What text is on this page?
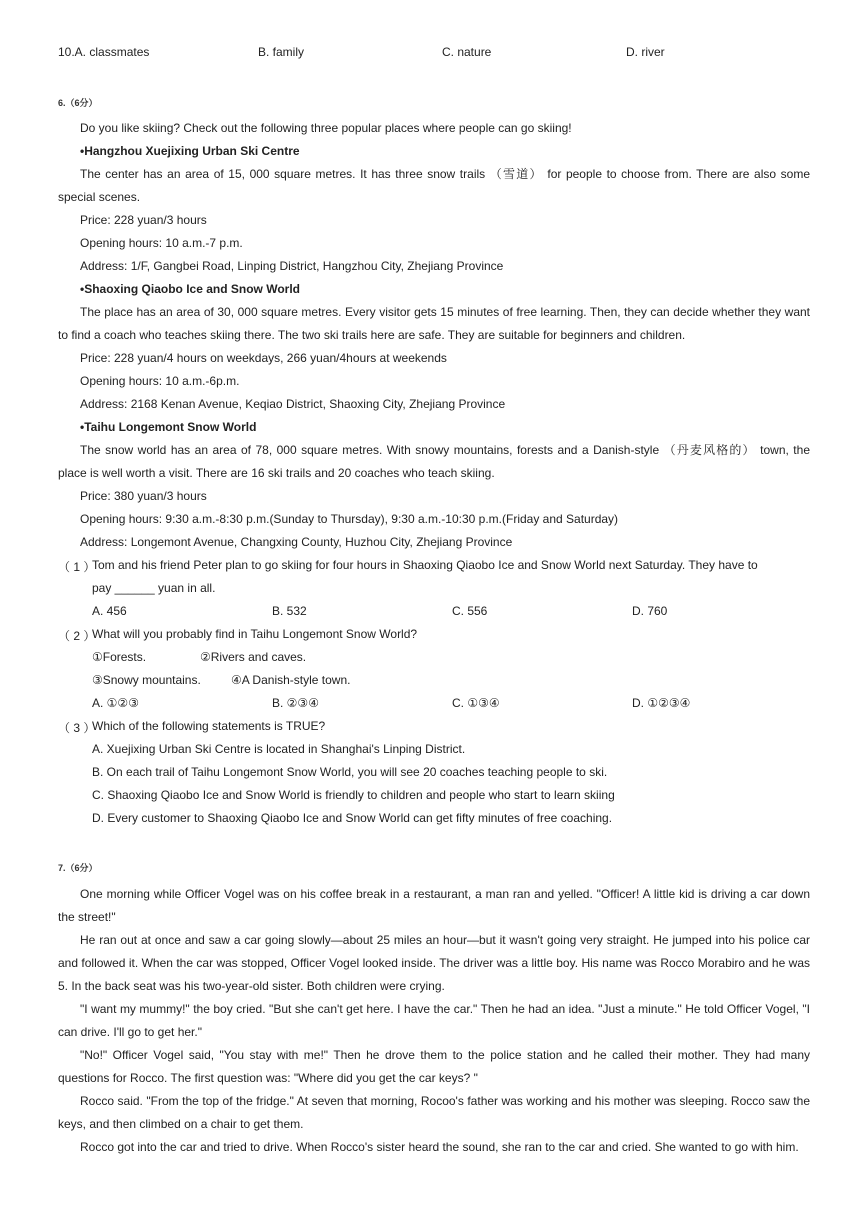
10.A. classmates	B. family	C. nature	D. river
6.（6分）
Do you like skiing? Check out the following three popular places where people can go skiing!
•Hangzhou Xuejixing Urban Ski Centre
The center has an area of 15, 000 square metres. It has three snow trails （雪道） for people to choose from. There are also some special scenes.
Price: 228 yuan/3 hours
Opening hours: 10 a.m.-7 p.m.
Address: 1/F, Gangbei Road, Linping District, Hangzhou City, Zhejiang Province
•Shaoxing Qiaobo Ice and Snow World
The place has an area of 30, 000 square metres. Every visitor gets 15 minutes of free learning. Then, they can decide whether they want to find a coach who teaches skiing there. The two ski trails here are safe. They are suitable for beginners and children.
Price: 228 yuan/4 hours on weekdays, 266 yuan/4hours at weekends
Opening hours: 10 a.m.-6p.m.
Address: 2168 Kenan Avenue, Keqiao District, Shaoxing City, Zhejiang Province
•Taihu Longemont Snow World
The snow world has an area of 78, 000 square metres. With snowy mountains, forests and a Danish-style （丹麦风格的） town, the place is well worth a visit. There are 16 ski trails and 20 coaches who teach skiing.
Price: 380 yuan/3 hours
Opening hours: 9:30 a.m.-8:30 p.m.(Sunday to Thursday), 9:30 a.m.-10:30 p.m.(Friday and Saturday)
Address: Longemont Avenue, Changxing County, Huzhou City, Zhejiang Province
（ 1 ）
Tom and his friend Peter plan to go skiing for four hours in Shaoxing Qiaobo Ice and Snow World next Saturday. They have to
pay ______ yuan in all.
A. 456	B. 532	C. 556	D. 760
（ 2 ）
What will you probably find in Taihu Longemont Snow World?
①Forests.	②Rivers and caves.
③Snowy mountains.	④A Danish-style town.
A. ①②③	B. ②③④	C. ①③④	D. ①②③④
（ 3 ）
Which of the following statements is TRUE?
A. Xuejixing Urban Ski Centre is located in Shanghai's Linping District.
B. On each trail of Taihu Longemont Snow World, you will see 20 coaches teaching people to ski.
C. Shaoxing Qiaobo Ice and Snow World is friendly to children and people who start to learn skiing
D. Every customer to Shaoxing Qiaobo Ice and Snow World can get fifty minutes of free coaching.
7.（6分）
One morning while Officer Vogel was on his coffee break in a restaurant, a man ran and yelled. "Officer! A little kid is driving a car down the street!"
He ran out at once and saw a car going slowly—about 25 miles an hour—but it wasn't going very straight. He jumped into his police car and followed it. When the car was stopped, Officer Vogel looked inside. The driver was a little boy. His name was Rocco Morabiro and he was 5. In the back seat was his two-year-old sister. Both children were crying.
"I want my mummy!" the boy cried. "But she can't get here. I have the car." Then he had an idea. "Just a minute." He told Officer Vogel, "I can drive. I'll go to get her."
"No!" Officer Vogel said, "You stay with me!" Then he drove them to the police station and he called their mother. They had many questions for Rocco. The first question was: "Where did you get the car keys? "
Rocco said. "From the top of the fridge." At seven that morning, Rocoo's father was working and his mother was sleeping. Rocco saw the keys, and then climbed on a chair to get them.
Rocco got into the car and tried to drive. When Rocco's sister heard the sound, she ran to the car and cried. She wanted to go with him.
